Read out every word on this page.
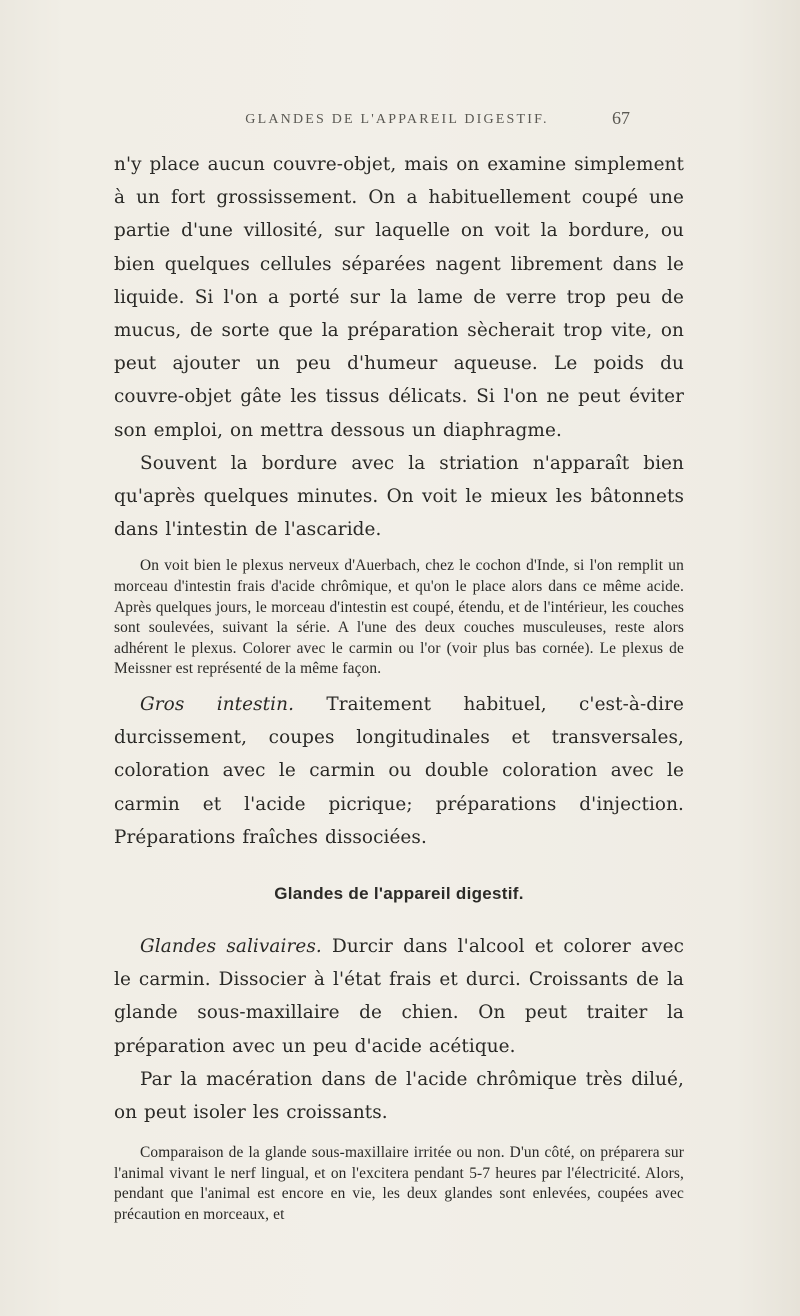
GLANDES DE L'APPAREIL DIGESTIF.	67

n'y place aucun couvre-objet, mais on examine simplement à un fort grossissement. On a habituellement coupé une partie d'une villosité, sur laquelle on voit la bordure, ou bien quelques cellules séparées nagent librement dans le liquide. Si l'on a porté sur la lame de verre trop peu de mucus, de sorte que la préparation sècherait trop vite, on peut ajouter un peu d'humeur aqueuse. Le poids du couvre-objet gâte les tissus délicats. Si l'on ne peut éviter son emploi, on mettra dessous un diaphragme.

Souvent la bordure avec la striation n'apparaît bien qu'après quelques minutes. On voit le mieux les bâtonnets dans l'intestin de l'ascaride.

On voit bien le plexus nerveux d'Auerbach, chez le cochon d'Inde, si l'on remplit un morceau d'intestin frais d'acide chrômique, et qu'on le place alors dans ce même acide. Après quelques jours, le morceau d'intestin est coupé, étendu, et de l'intérieur, les couches sont soulevées, suivant la série. A l'une des deux couches musculeuses, reste alors adhérent le plexus. Colorer avec le carmin ou l'or (voir plus bas cornée). Le plexus de Meissner est représenté de la même façon.

Gros intestin. Traitement habituel, c'est-à-dire durcissement, coupes longitudinales et transversales, coloration avec le carmin ou double coloration avec le carmin et l'acide picrique; préparations d'injection. Préparations fraîches dissociées.

Glandes de l'appareil digestif.

Glandes salivaires. Durcir dans l'alcool et colorer avec le carmin. Dissocier à l'état frais et durci. Croissants de la glande sous-maxillaire de chien. On peut traiter la préparation avec un peu d'acide acétique.

Par la macération dans de l'acide chrômique très dilué, on peut isoler les croissants.

Comparaison de la glande sous-maxillaire irritée ou non. D'un côté, on préparera sur l'animal vivant le nerf lingual, et on l'excitera pendant 5-7 heures par l'électricité. Alors, pendant que l'animal est encore en vie, les deux glandes sont enlevées, coupées avec précaution en morceaux, et
